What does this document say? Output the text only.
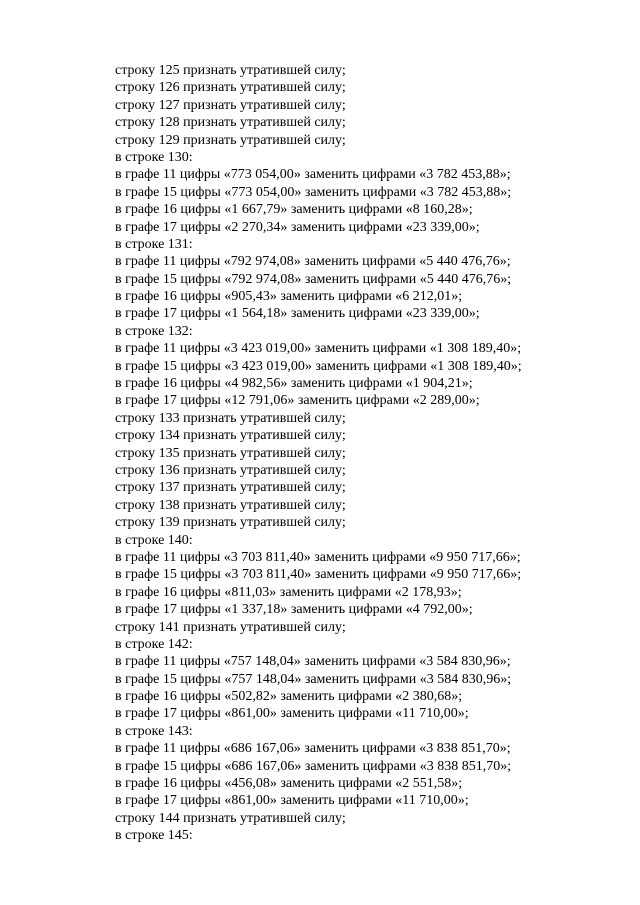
строку 125 признать утратившей силу;
строку 126 признать утратившей силу;
строку 127 признать утратившей силу;
строку 128 признать утратившей силу;
строку 129 признать утратившей силу;
в строке 130:
в графе 11 цифры «773 054,00» заменить цифрами «3 782 453,88»;
в графе 15 цифры «773 054,00» заменить цифрами «3 782 453,88»;
в графе 16 цифры «1 667,79» заменить цифрами «8 160,28»;
в графе 17 цифры «2 270,34» заменить цифрами «23 339,00»;
в строке 131:
в графе 11 цифры «792 974,08» заменить цифрами «5 440 476,76»;
в графе 15 цифры «792 974,08» заменить цифрами «5 440 476,76»;
в графе 16 цифры «905,43» заменить цифрами «6 212,01»;
в графе 17 цифры «1 564,18» заменить цифрами «23 339,00»;
в строке 132:
в графе 11 цифры «3 423 019,00» заменить цифрами «1 308 189,40»;
в графе 15 цифры «3 423 019,00» заменить цифрами «1 308 189,40»;
в графе 16 цифры «4 982,56» заменить цифрами «1 904,21»;
в графе 17 цифры «12 791,06» заменить цифрами «2 289,00»;
строку 133 признать утратившей силу;
строку 134 признать утратившей силу;
строку 135 признать утратившей силу;
строку 136 признать утратившей силу;
строку 137 признать утратившей силу;
строку 138 признать утратившей силу;
строку 139 признать утратившей силу;
в строке 140:
в графе 11 цифры «3 703 811,40» заменить цифрами «9 950 717,66»;
в графе 15 цифры «3 703 811,40» заменить цифрами «9 950 717,66»;
в графе 16 цифры «811,03» заменить цифрами «2 178,93»;
в графе 17 цифры «1 337,18» заменить цифрами «4 792,00»;
строку 141 признать утратившей силу;
в строке 142:
в графе 11 цифры «757 148,04» заменить цифрами «3 584 830,96»;
в графе 15 цифры «757 148,04» заменить цифрами «3 584 830,96»;
в графе 16 цифры «502,82» заменить цифрами «2 380,68»;
в графе 17 цифры «861,00» заменить цифрами «11 710,00»;
в строке 143:
в графе 11 цифры «686 167,06» заменить цифрами «3 838 851,70»;
в графе 15 цифры «686 167,06» заменить цифрами «3 838 851,70»;
в графе 16 цифры «456,08» заменить цифрами «2 551,58»;
в графе 17 цифры «861,00» заменить цифрами «11 710,00»;
строку 144 признать утратившей силу;
в строке 145:
